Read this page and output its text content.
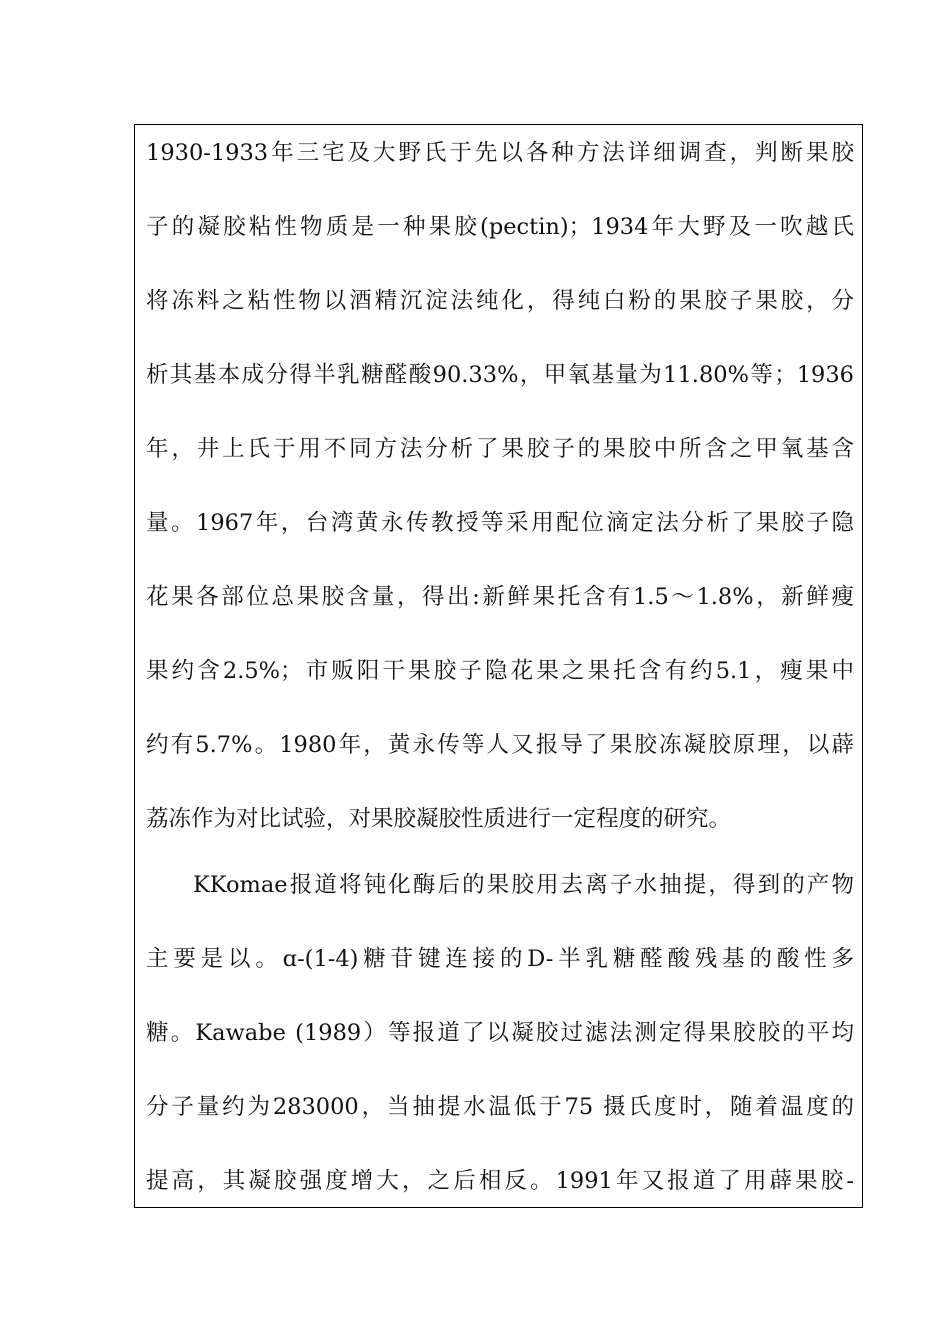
1930-1933年三宅及大野氏于先以各种方法详细调查，判断果胶
子的凝胶粘性物质是一种果胶(pectin)；1934年大野及一吹越氏
将冻料之粘性物以酒精沉淀法纯化，得纯白粉的果胶子果胶，分
析其基本成分得半乳糖醛酸90.33%，甲氧基量为11.80%等；1936
年，井上氏于用不同方法分析了果胶子的果胶中所含之甲氧基含
量。1967年，台湾黄永传教授等采用配位滴定法分析了果胶子隐
花果各部位总果胶含量，得出:新鲜果托含有1.5～1.8%，新鲜瘦
果约含2.5%；市贩阳干果胶子隐花果之果托含有约5.1，瘦果中
约有5.7%。1980年，黄永传等人又报导了果胶冻凝胶原理，以薜
荔冻作为对比试验，对果胶凝胶性质进行一定程度的研究。
KKomae报道将钝化酶后的果胶用去离子水抽提，得到的产物
主要是以。ɑ-(1-4)糖苷键连接的D-半乳糖醛酸残基的酸性多
糖。Kawabe (1989）等报道了以凝胶过滤法测定得果胶胶的平均
分子量约为283000，当抽提水温低于75 摄氏度时，随着温度的
提高，其凝胶强度增大，之后相反。1991年又报道了用薜果胶-
